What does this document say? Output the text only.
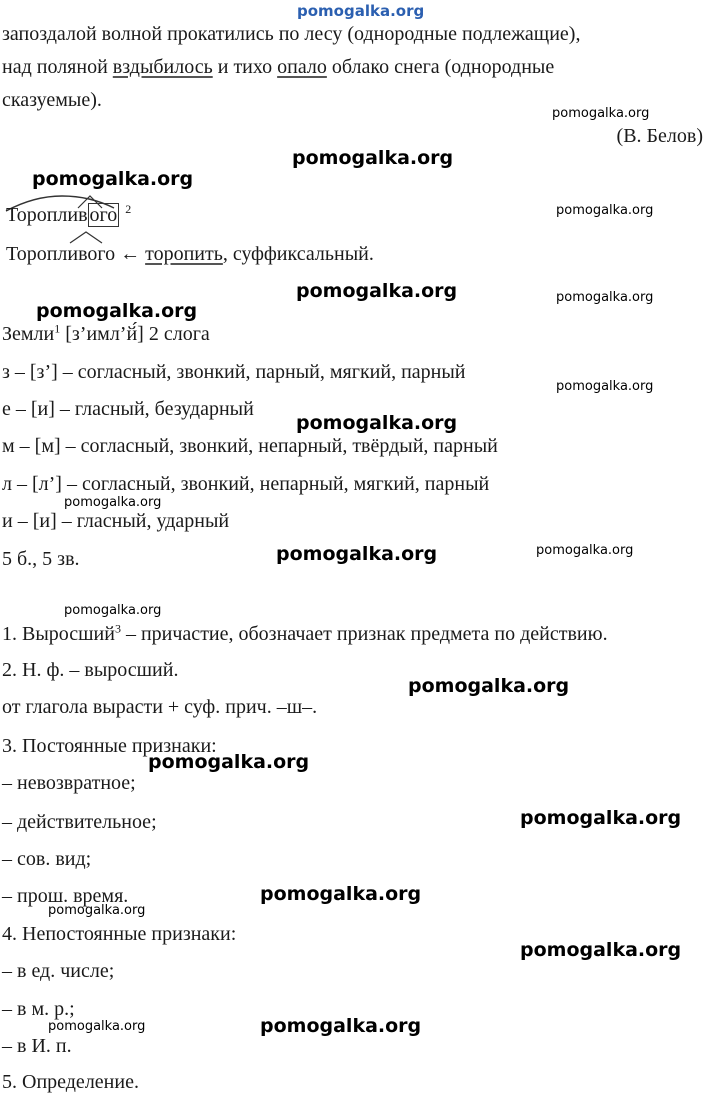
pomogalka.org
запоздалой волной прокатились по лесу (однородные подлежащие),
над поляной вздыбилось и тихо опало облако снега (однородные
сказуемые).
pomogalka.org
(В. Белов)
pomogalka.org
pomogalka.org
Тороплив ого $^2$	pomogalka.org
Торопливого ← торопить, суффиксальный.
pomogalka.org	pomogalka.org
pomogalka.org
Земли$^1$ [з’имл’й́] 2 слога
з – [з’] – согласный, звонкий, парный, мягкий, парный
pomogalka.org
е – [и] – гласный, безударный
pomogalka.org
м – [м] – согласный, звонкий, непарный, твёрдый, парный
л – [л’] – согласный, звонкий, непарный, мягкий, парный
pomogalka.org
и – [и] – гласный, ударный
5 б., 5 зв.	pomogalka.org	pomogalka.org
pomogalka.org
1. Выросший$^3$ – причастие, обозначает признак предмета по действию.
2. Н. ф. – выросший.
pomogalka.org
от глагола вырасти + суф. прич. –ш–.
3. Постоянные признаки:
pomogalka.org
– невозвратное;
pomogalka.org
– действительное;
– сов. вид;
pomogalka.org
– прош. время.
pomogalka.org
4. Непостоянные признаки:
pomogalka.org
– в ед. числе;
– в м. р.;
pomogalka.org	pomogalka.org
– в И. п.
5. Определение.
